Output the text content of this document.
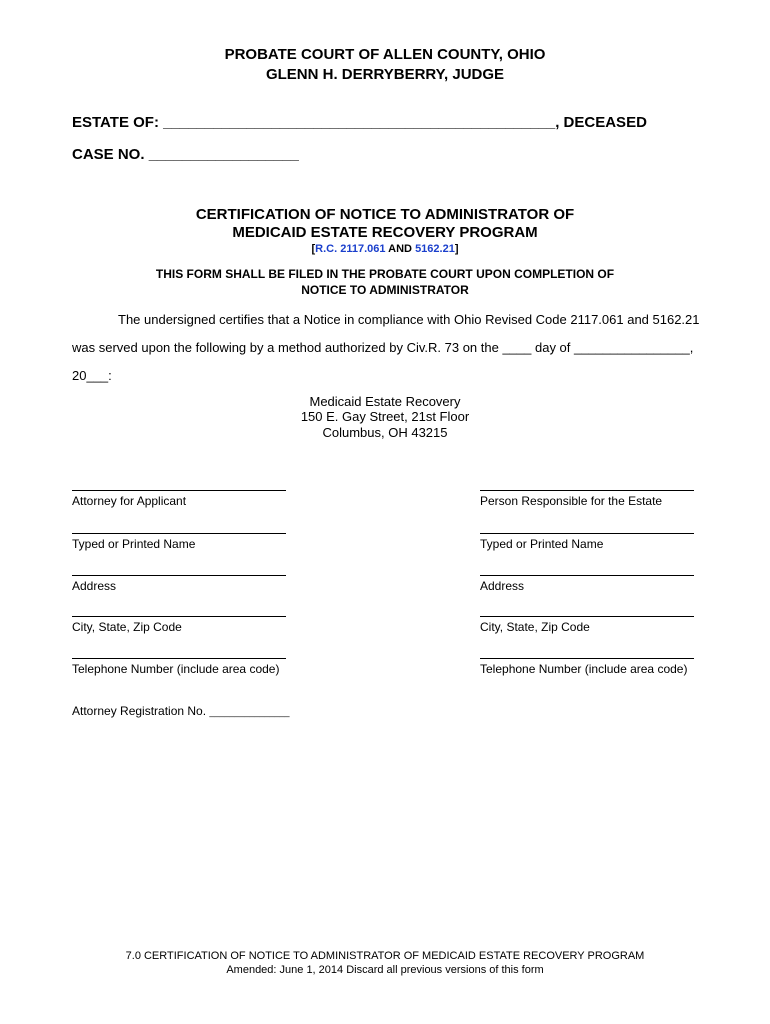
PROBATE COURT OF ALLEN COUNTY, OHIO
GLENN H. DERRYBERRY, JUDGE
ESTATE OF: _______________________________________________, DECEASED
CASE NO. __________________
CERTIFICATION OF NOTICE TO ADMINISTRATOR OF
MEDICAID ESTATE RECOVERY PROGRAM
[R.C. 2117.061 AND 5162.21]
THIS FORM SHALL BE FILED IN THE PROBATE COURT UPON COMPLETION OF
NOTICE TO ADMINISTRATOR
The undersigned certifies that a Notice in compliance with Ohio Revised Code 2117.061 and 5162.21
was served upon the following by a method authorized by Civ.R. 73 on the ____ day of ________________,
20___:
Medicaid Estate Recovery
150 E. Gay Street, 21st Floor
Columbus, OH 43215
Attorney for Applicant
Typed or Printed Name
Address
City, State, Zip Code
Telephone Number (include area code)
Person Responsible for the Estate
Typed or Printed Name
Address
City, State, Zip Code
Telephone Number (include area code)
Attorney Registration No. ________________
7.0 CERTIFICATION OF NOTICE TO ADMINISTRATOR OF MEDICAID ESTATE RECOVERY PROGRAM
Amended: June 1, 2014 Discard all previous versions of this form
